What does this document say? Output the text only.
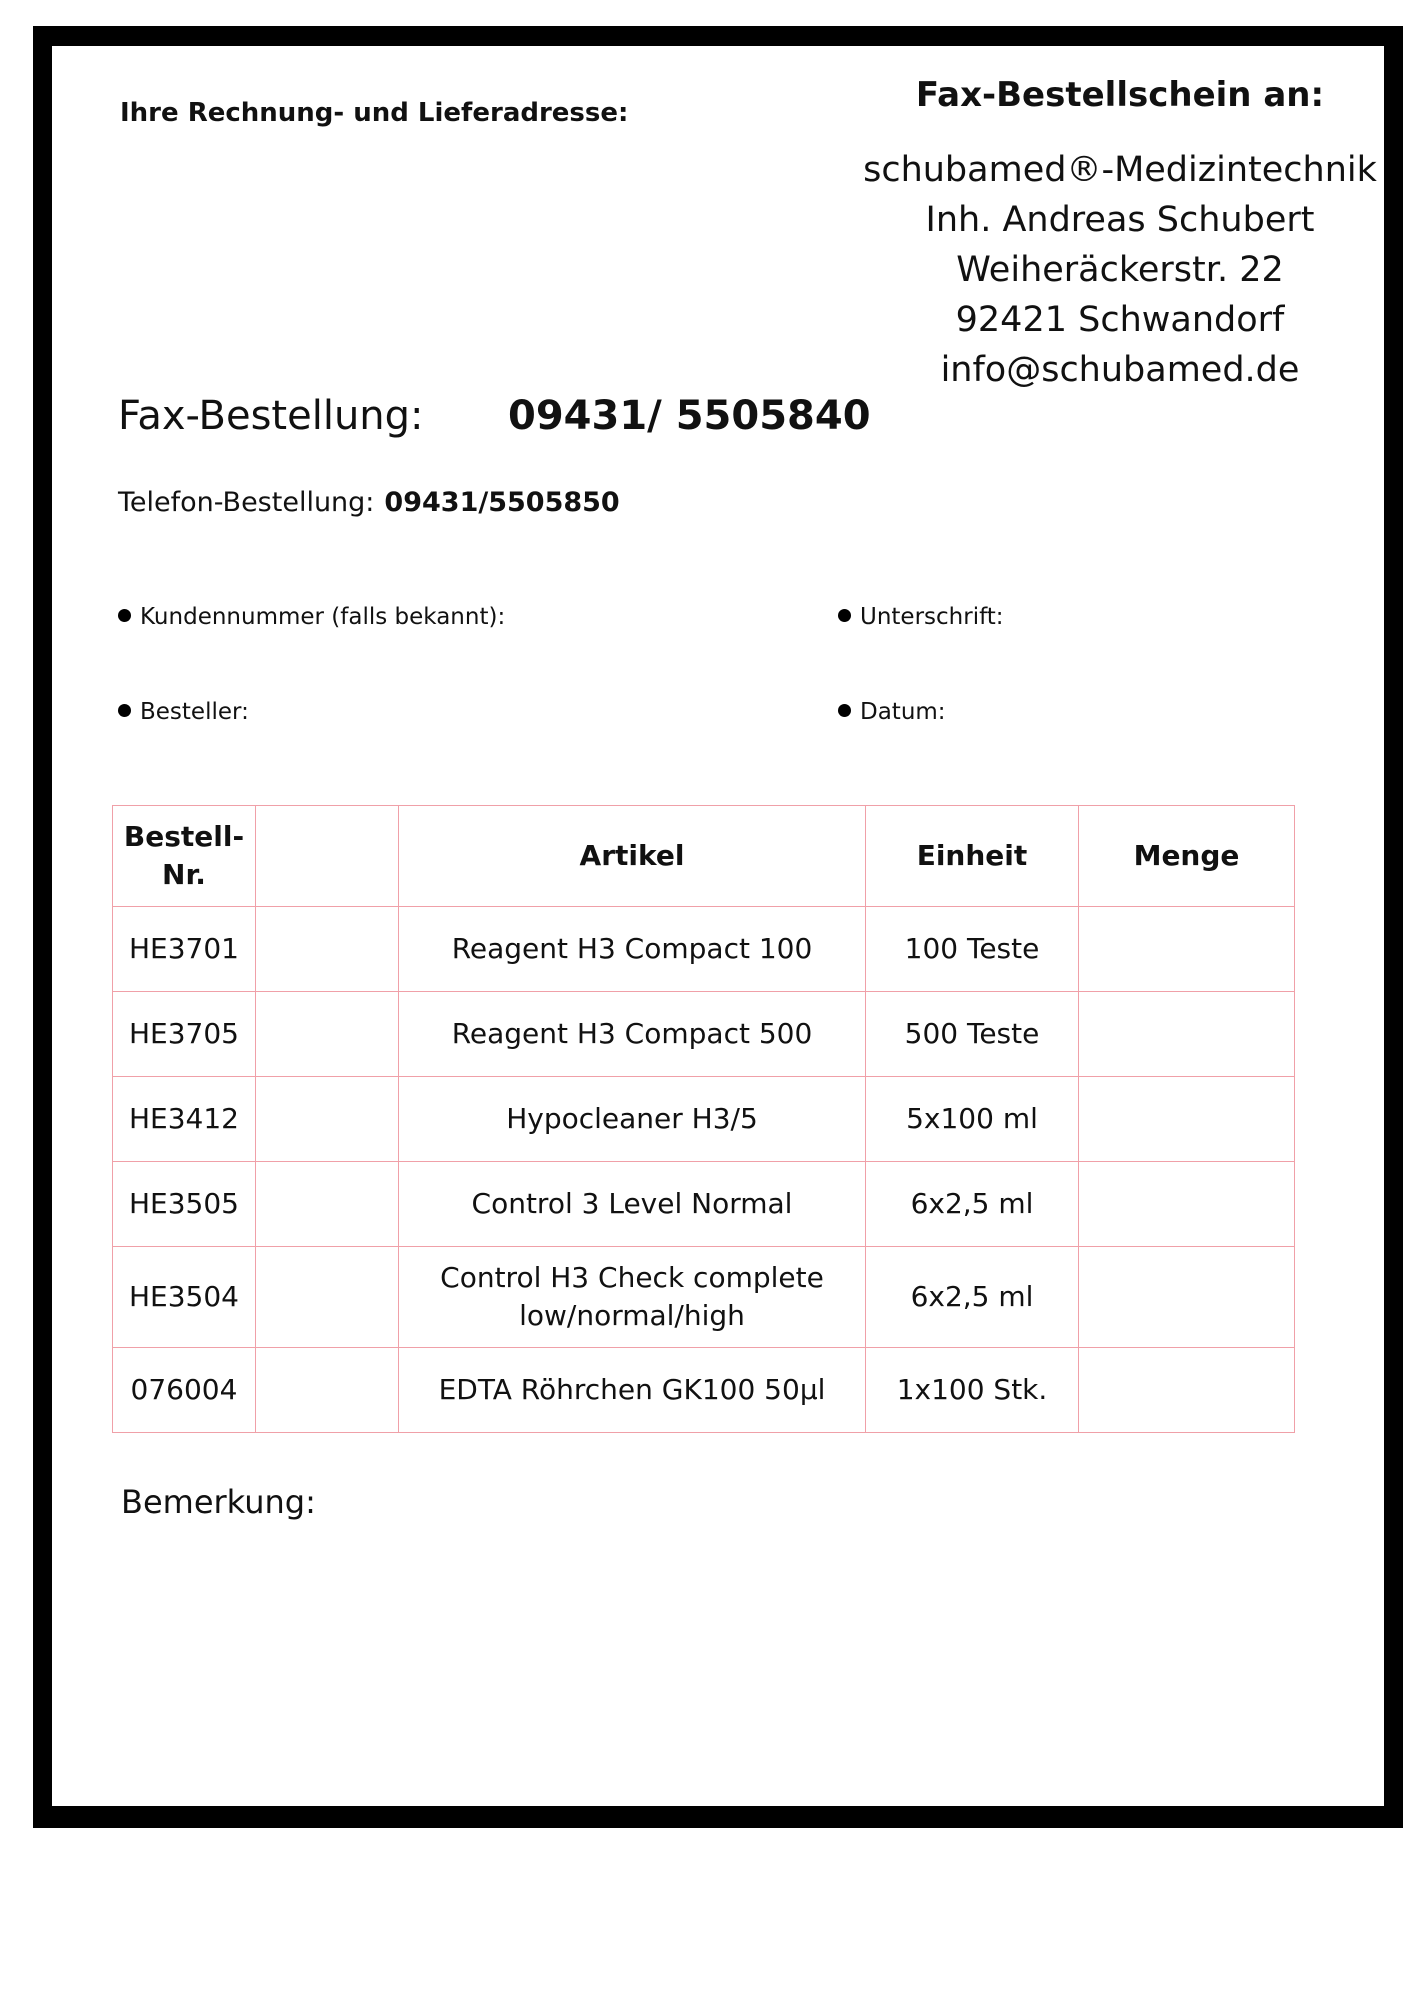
Ihre Rechnung- und Lieferadresse:	Fax-Bestellschein an:
schubamed®-Medizintechnik
Inh. Andreas Schubert
Weiheräckerstr. 22
92421 Schwandorf
info@schubamed.de
Fax-Bestellung: 09431/ 5505840
Telefon-Bestellung: 09431/5505850
Kundennummer (falls bekannt):	Unterschrift:
Besteller:	Datum:
Bestell-Nr.		Artikel	Einheit	Menge
HE3701		Reagent H3 Compact 100	100 Teste	
HE3705		Reagent H3 Compact 500	500 Teste	
HE3412		Hypocleaner H3/5	5x100 ml	
HE3505		Control 3 Level Normal	6x2,5 ml	
HE3504		Control H3 Check complete low/normal/high	6x2,5 ml	
076004		EDTA Röhrchen GK100 50µl	1x100 Stk.	
Bemerkung:
